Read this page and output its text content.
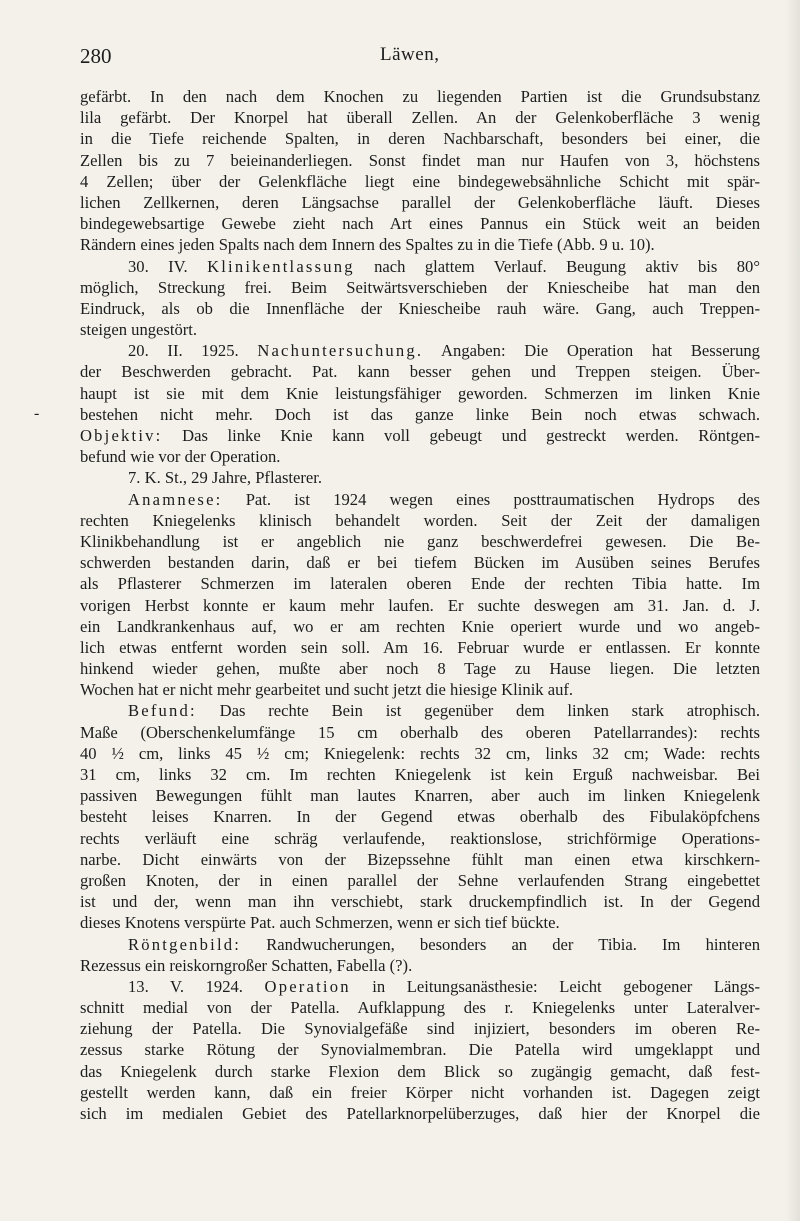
280	Läwen,
-
gefärbt. In den nach dem Knochen zu liegenden Partien ist die Grundsubstanz
lila gefärbt. Der Knorpel hat überall Zellen. An der Gelenkoberfläche 3 wenig
in die Tiefe reichende Spalten, in deren Nachbarschaft, besonders bei einer, die
Zellen bis zu 7 beieinanderliegen. Sonst findet man nur Haufen von 3, höchstens
4 Zellen; über der Gelenkfläche liegt eine bindegewebsähnliche Schicht mit spär-
lichen Zellkernen, deren Längsachse parallel der Gelenkoberfläche läuft. Dieses
bindegewebsartige Gewebe zieht nach Art eines Pannus ein Stück weit an beiden
Rändern eines jeden Spalts nach dem Innern des Spaltes zu in die Tiefe (Abb. 9 u. 10).
30. IV. Klinikentlassung nach glattem Verlauf. Beugung aktiv bis 80°
möglich, Streckung frei. Beim Seitwärtsverschieben der Kniescheibe hat man den
Eindruck, als ob die Innenfläche der Kniescheibe rauh wäre. Gang, auch Treppen-
steigen ungestört.
20. II. 1925. Nachuntersuchung. Angaben: Die Operation hat Besserung
der Beschwerden gebracht. Pat. kann besser gehen und Treppen steigen. Über-
haupt ist sie mit dem Knie leistungsfähiger geworden. Schmerzen im linken Knie
bestehen nicht mehr. Doch ist das ganze linke Bein noch etwas schwach.
Objektiv: Das linke Knie kann voll gebeugt und gestreckt werden. Röntgen-
befund wie vor der Operation.
7. K. St., 29 Jahre, Pflasterer.
Anamnese: Pat. ist 1924 wegen eines posttraumatischen Hydrops des
rechten Kniegelenks klinisch behandelt worden. Seit der Zeit der damaligen
Klinikbehandlung ist er angeblich nie ganz beschwerdefrei gewesen. Die Be-
schwerden bestanden darin, daß er bei tiefem Bücken im Ausüben seines Berufes
als Pflasterer Schmerzen im lateralen oberen Ende der rechten Tibia hatte. Im
vorigen Herbst konnte er kaum mehr laufen. Er suchte deswegen am 31. Jan. d. J.
ein Landkrankenhaus auf, wo er am rechten Knie operiert wurde und wo angeb-
lich etwas entfernt worden sein soll. Am 16. Februar wurde er entlassen. Er konnte
hinkend wieder gehen, mußte aber noch 8 Tage zu Hause liegen. Die letzten
Wochen hat er nicht mehr gearbeitet und sucht jetzt die hiesige Klinik auf.
Befund: Das rechte Bein ist gegenüber dem linken stark atrophisch.
Maße (Oberschenkelumfänge 15 cm oberhalb des oberen Patellarrandes): rechts
40 ½ cm, links 45 ½ cm; Kniegelenk: rechts 32 cm, links 32 cm; Wade: rechts
31 cm, links 32 cm. Im rechten Kniegelenk ist kein Erguß nachweisbar. Bei
passiven Bewegungen fühlt man lautes Knarren, aber auch im linken Kniegelenk
besteht leises Knarren. In der Gegend etwas oberhalb des Fibulaköpfchens
rechts verläuft eine schräg verlaufende, reaktionslose, strichförmige Operations-
narbe. Dicht einwärts von der Bizepssehne fühlt man einen etwa kirschkern-
großen Knoten, der in einen parallel der Sehne verlaufenden Strang eingebettet
ist und der, wenn man ihn verschiebt, stark druckempfindlich ist. In der Gegend
dieses Knotens verspürte Pat. auch Schmerzen, wenn er sich tief bückte.
Röntgenbild: Randwucherungen, besonders an der Tibia. Im hinteren
Rezessus ein reiskorngroßer Schatten, Fabella (?).
13. V. 1924. Operation in Leitungsanästhesie: Leicht gebogener Längs-
schnitt medial von der Patella. Aufklappung des r. Kniegelenks unter Lateralver-
ziehung der Patella. Die Synovialgefäße sind injiziert, besonders im oberen Re-
zessus starke Rötung der Synovialmembran. Die Patella wird umgeklappt und
das Kniegelenk durch starke Flexion dem Blick so zugängig gemacht, daß fest-
gestellt werden kann, daß ein freier Körper nicht vorhanden ist. Dagegen zeigt
sich im medialen Gebiet des Patellarknorpelüberzuges, daß hier der Knorpel die
